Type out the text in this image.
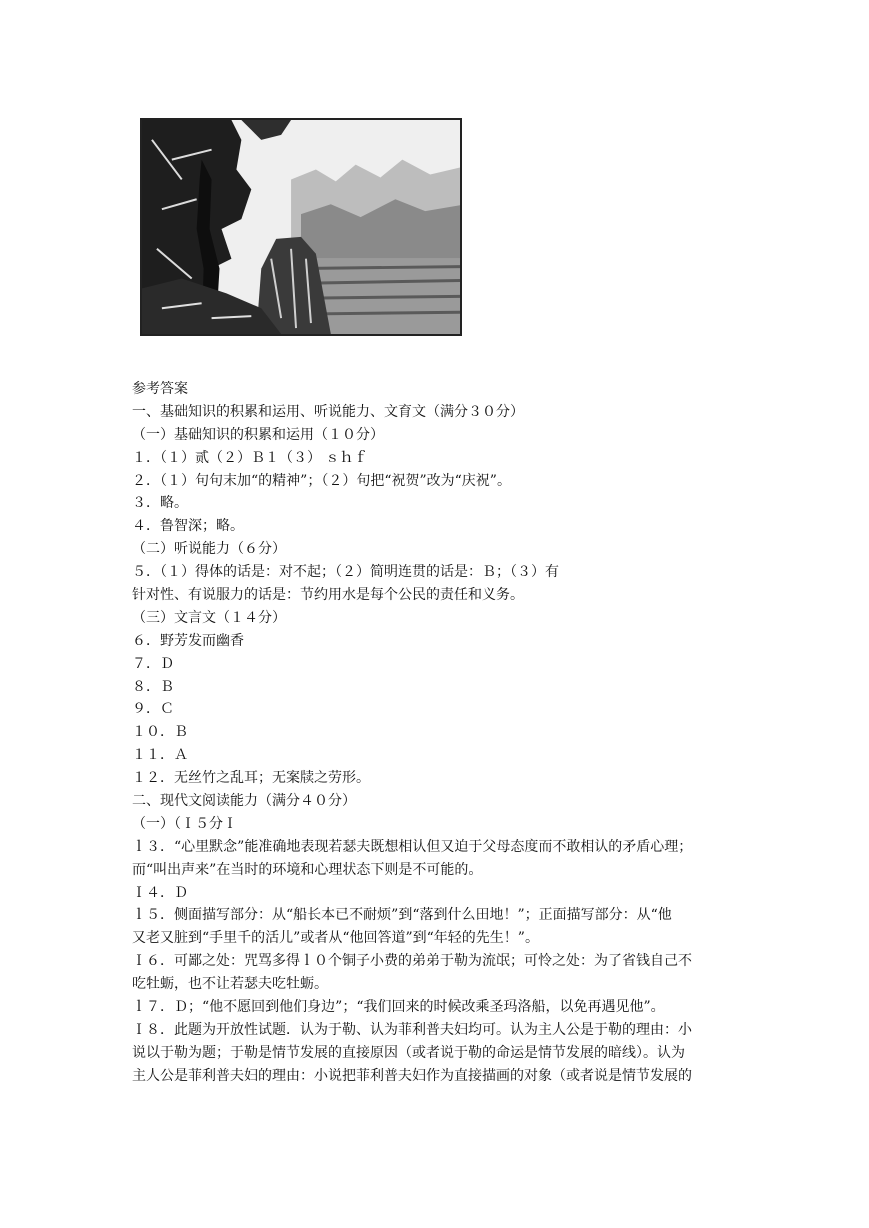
参考答案
一、基础知识的积累和运用、听说能力、文育文（满分３０分）
（一）基础知识的积累和运用（１０分）
１．（１）贰（２）Ｂ１（３） ｓｈｆ
２．（１）句句末加“的精神”；（２）句把“祝贺”改为“庆祝”。
３．略。
４．鲁智深；略。
（二）听说能力（６分）
５．（１）得体的话是：对不起；（２）简明连贯的话是：Ｂ；（３）有
针对性、有说服力的话是：节约用水是每个公民的责任和义务。
（三）文言文（１４分）
６．野芳发而幽香
７．Ｄ
８．Ｂ
９．Ｃ
１０．Ｂ
１１．Ａ
１２．无丝竹之乱耳；无案牍之劳形。
二、现代文阅读能力（满分４０分）
（一）（Ｉ５分Ｉ
ｌ３．“心里默念”能准确地表现若瑟夫既想相认但又迫于父母态度而不敢相认的矛盾心理；
而“叫出声来”在当时的环境和心理状态下则是不可能的。
Ｉ４．Ｄ
ｌ５．侧面描写部分：从“船长本已不耐烦”到“落到什么田地！”；正面描写部分：从“他
又老又脏到“手里千的活儿”或者从“他回答道”到“年轻的先生！”。
Ｉ６．可鄙之处：咒骂多得ｌ０个铜子小费的弟弟于勒为流氓；可怜之处：为了省钱自己不
吃牡蛎，也不让若瑟夫吃牡蛎。
ｌ７．Ｄ；“他不愿回到他们身边”；“我们回来的时候改乘圣玛洛船，以免再遇见他”。
Ｉ８．此题为开放性试题．认为于勒、认为菲利普夫妇均可。认为主人公是于勒的理由：小
说以于勒为题；于勒是情节发展的直接原因（或者说于勒的命运是情节发展的暗线）。认为
主人公是菲利普夫妇的理由：小说把菲利普夫妇作为直接描画的对象（或者说是情节发展的
